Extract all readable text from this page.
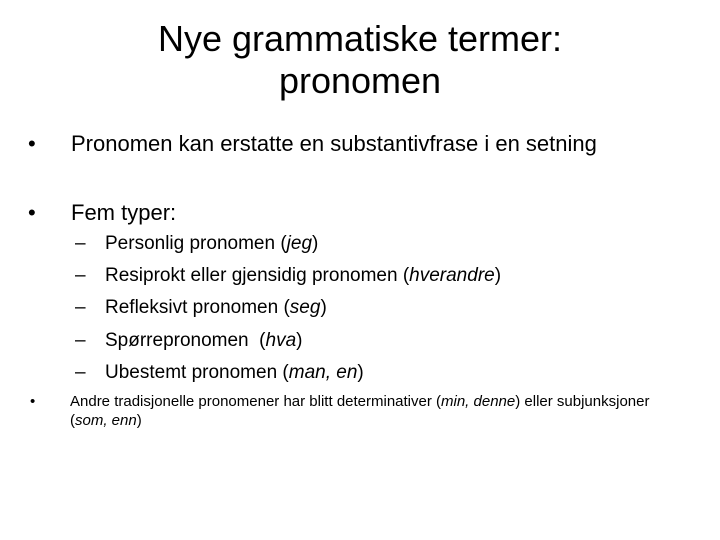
Nye grammatiske termer:
pronomen
•	Pronomen kan erstatte en substantivfrase i en setning
•	Fem typer:
– Personlig pronomen (jeg)
– Resiprokt eller gjensidig pronomen (hverandre)
– Refleksivt pronomen (seg)
– Spørrepronomen  (hva)
– Ubestemt pronomen (man, en)
• Andre tradisjonelle pronomener har blitt determinativer (min, denne) eller subjunksjoner (som, enn)
